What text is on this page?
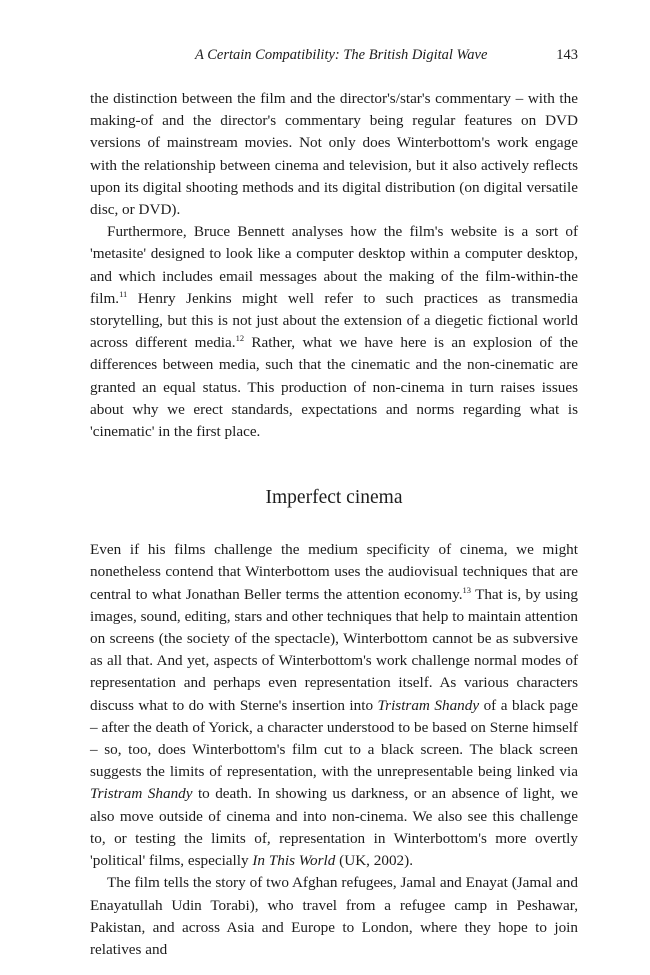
A Certain Compatibility: The British Digital Wave	143

the distinction between the film and the director's/star's commentary – with the making-of and the director's commentary being regular features on DVD versions of mainstream movies. Not only does Winterbottom's work engage with the relationship between cinema and television, but it also actively reflects upon its digital shooting methods and its digital distribution (on digital versatile disc, or DVD).

Furthermore, Bruce Bennett analyses how the film's website is a sort of 'metasite' designed to look like a computer desktop within a computer desktop, and which includes email messages about the making of the film-within-the film.$^{11}$ Henry Jenkins might well refer to such practices as transmedia storytelling, but this is not just about the extension of a diegetic fictional world across different media.$^{12}$ Rather, what we have here is an explosion of the differences between media, such that the cinematic and the non-cinematic are granted an equal status. This production of non-cinema in turn raises issues about why we erect standards, expectations and norms regarding what is 'cinematic' in the first place.

Imperfect cinema

Even if his films challenge the medium specificity of cinema, we might nonetheless contend that Winterbottom uses the audiovisual techniques that are central to what Jonathan Beller terms the attention economy.$^{13}$ That is, by using images, sound, editing, stars and other techniques that help to maintain attention on screens (the society of the spectacle), Winterbottom cannot be as subversive as all that. And yet, aspects of Winterbottom's work challenge normal modes of representation and perhaps even representation itself. As various characters discuss what to do with Sterne's insertion into Tristram Shandy of a black page – after the death of Yorick, a character understood to be based on Sterne himself – so, too, does Winterbottom's film cut to a black screen. The black screen suggests the limits of representation, with the unrepresentable being linked via Tristram Shandy to death. In showing us darkness, or an absence of light, we also move outside of cinema and into non-cinema. We also see this challenge to, or testing the limits of, representation in Winterbottom's more overtly 'political' films, especially In This World (UK, 2002).

The film tells the story of two Afghan refugees, Jamal and Enayat (Jamal and Enayatullah Udin Torabi), who travel from a refugee camp in Peshawar, Pakistan, and across Asia and Europe to London, where they hope to join relatives and
